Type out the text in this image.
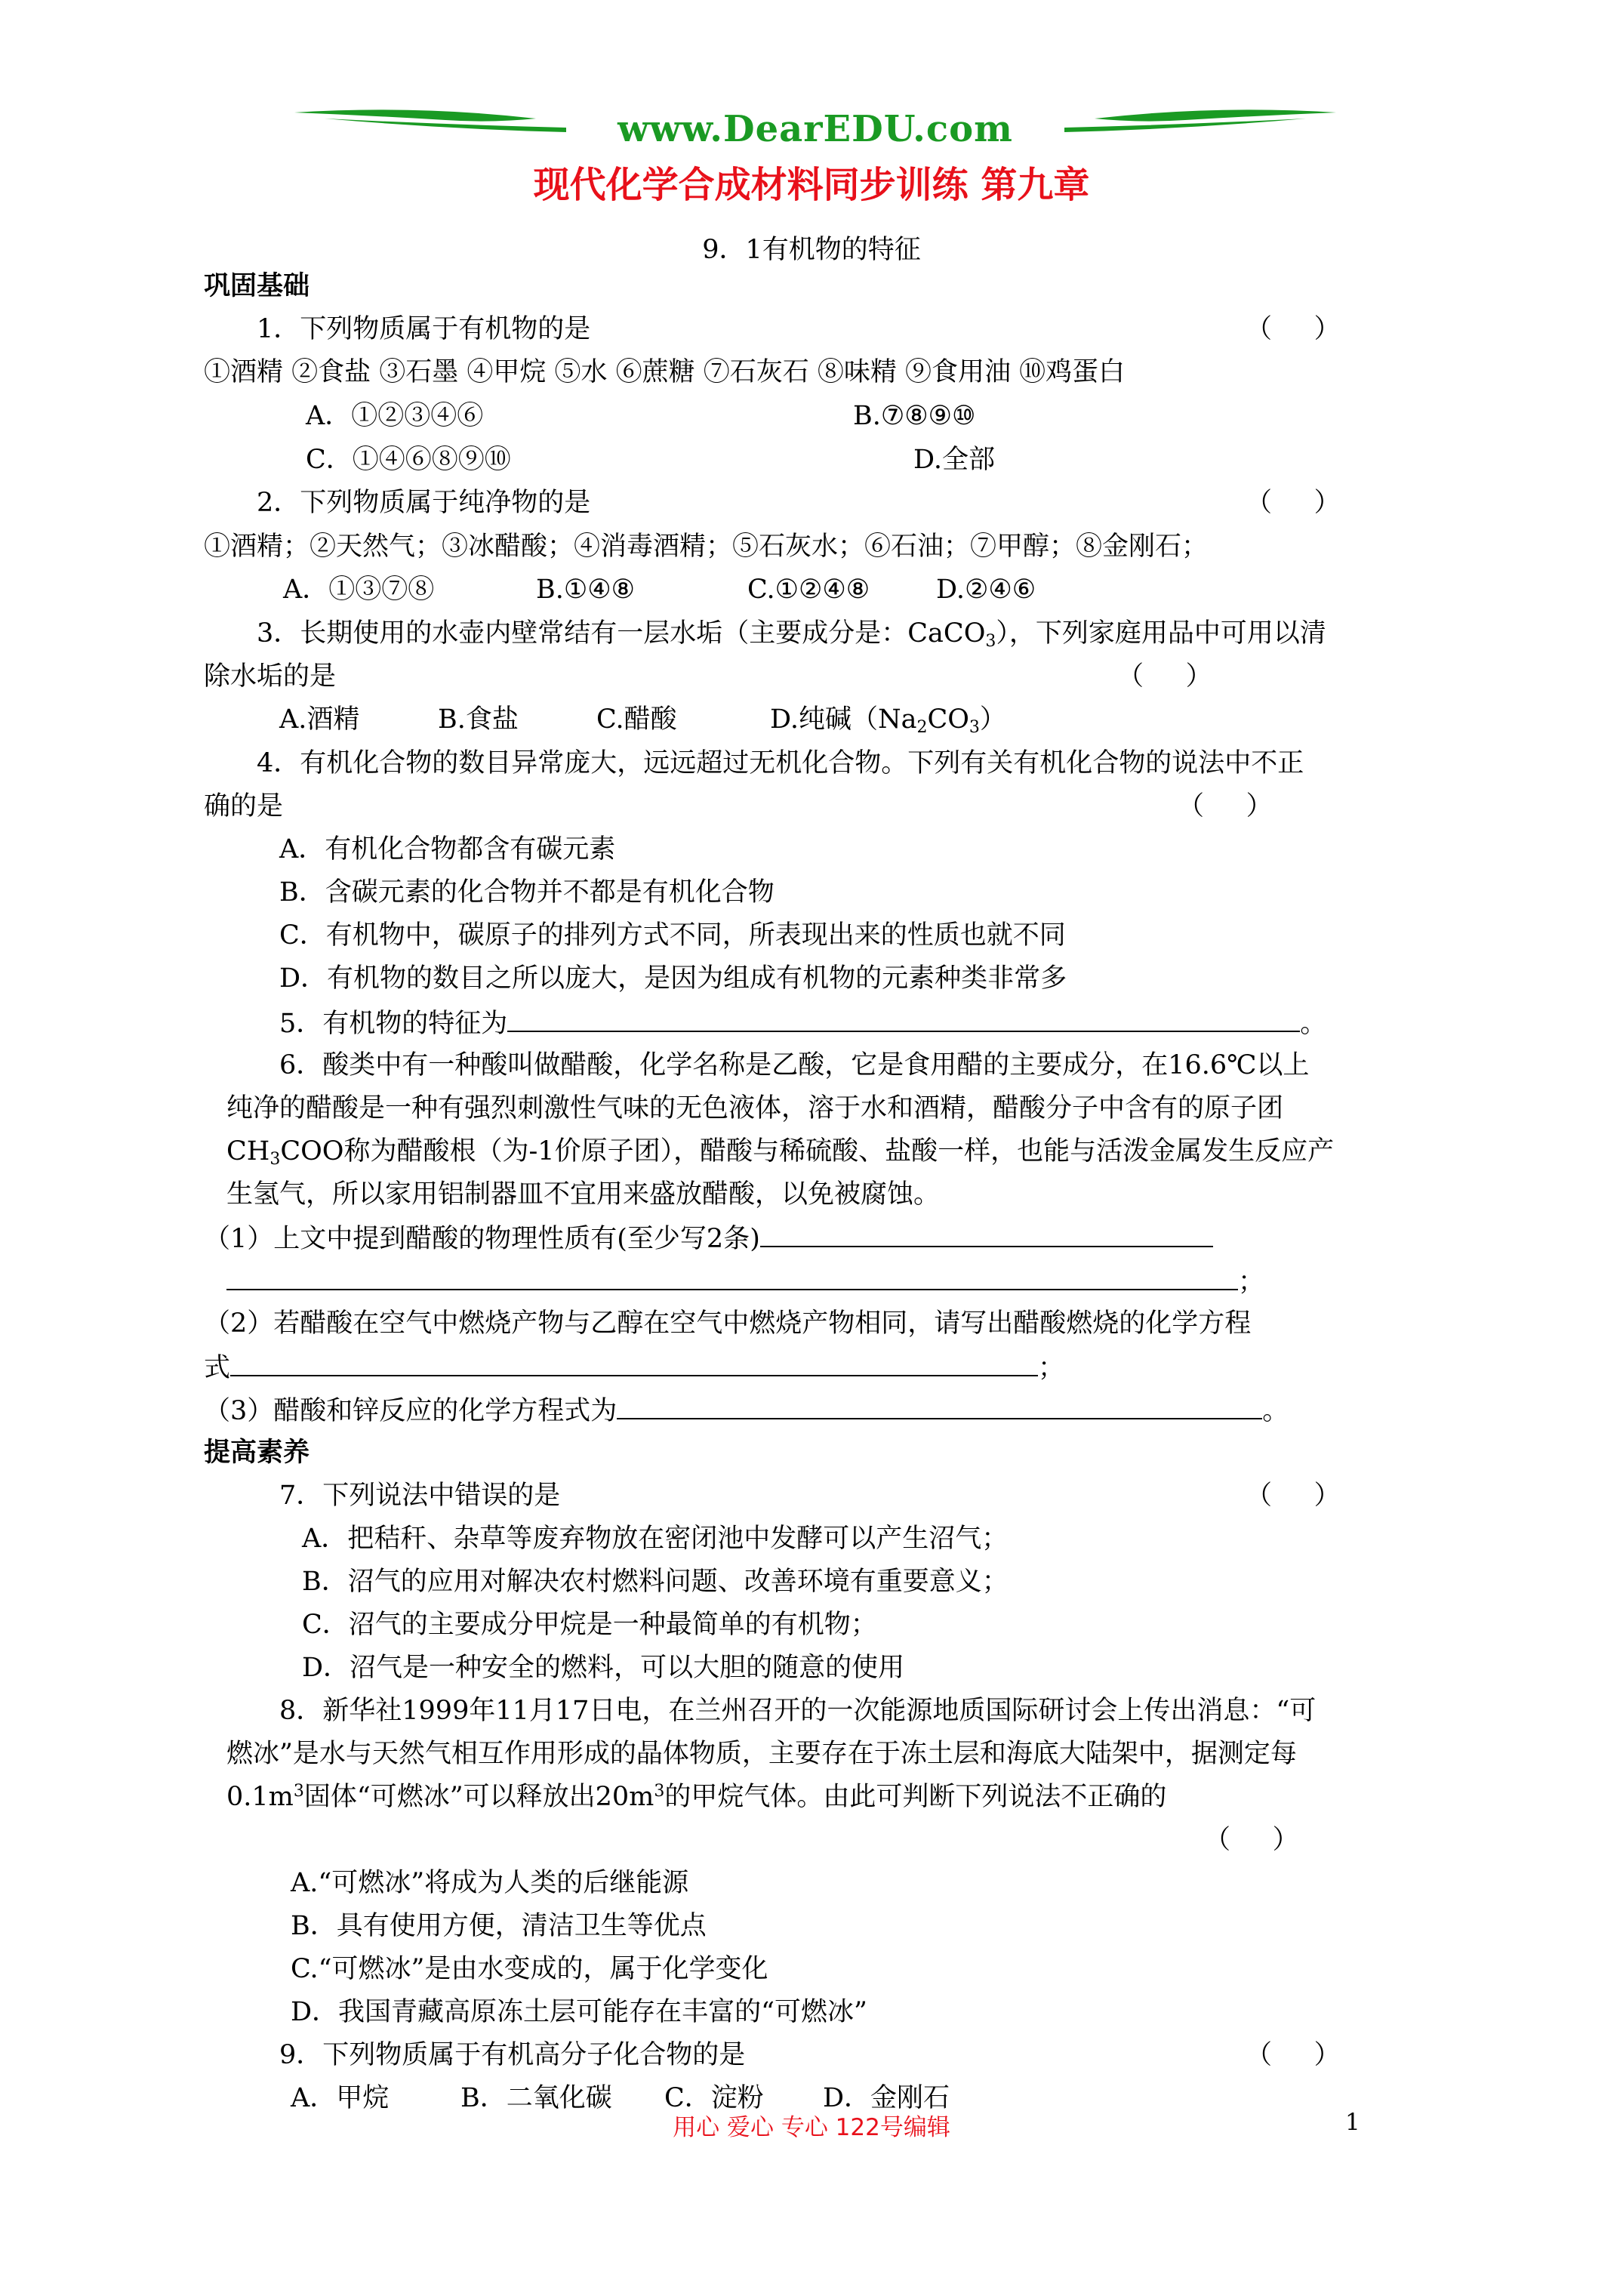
www.DearEDU.com
现代化学合成材料同步训练 第九章
9．1有机物的特征
巩固基础
1．下列物质属于有机物的是	（     ）
①酒精 ②食盐 ③石墨 ④甲烷 ⑤水 ⑥蔗糖 ⑦石灰石 ⑧味精 ⑨食用油 ⑩鸡蛋白
A．①②③④⑥	B.⑦⑧⑨⑩
C．①④⑥⑧⑨⑩	D.全部
2．下列物质属于纯净物的是	（     ）
①酒精；②天然气；③冰醋酸；④消毒酒精；⑤石灰水；⑥石油；⑦甲醇；⑧金刚石；
A．①③⑦⑧	B.①④⑧	C.①②④⑧	D.②④⑥
3．长期使用的水壶内壁常结有一层水垢（主要成分是：CaCO$_3$），下列家庭用品中可用以清
除水垢的是	（     ）
A.酒精	B.食盐	C.醋酸	D.纯碱$(Na_2CO_3)$
4．有机化合物的数目异常庞大，远远超过无机化合物。下列有关有机化合物的说法中不正
确的是	（     ）
A．有机化合物都含有碳元素
B．含碳元素的化合物并不都是有机化合物
C．有机物中，碳原子的排列方式不同，所表现出来的性质也就不同
D．有机物的数目之所以庞大，是因为组成有机物的元素种类非常多
5．有机物的特征为	。
6．酸类中有一种酸叫做醋酸，化学名称是乙酸，它是食用醋的主要成分，在16.6℃以上
纯净的醋酸是一种有强烈刺激性气味的无色液体，溶于水和酒精，醋酸分子中含有的原子团
$CH_3COO$称为醋酸根（为-1价原子团），醋酸与稀硫酸、盐酸一样，也能与活泼金属发生反应产
生氢气，所以家用铝制器皿不宜用来盛放醋酸，以免被腐蚀。
（1）上文中提到醋酸的物理性质有(至少写2条)
；
（2）若醋酸在空气中燃烧产物与乙醇在空气中燃烧产物相同，请写出醋酸燃烧的化学方程
式	；
（3）醋酸和锌反应的化学方程式为	。
提高素养
7．下列说法中错误的是	（     ）
A．把秸秆、杂草等废弃物放在密闭池中发酵可以产生沼气；
B．沼气的应用对解决农村燃料问题、改善环境有重要意义；
C．沼气的主要成分甲烷是一种最简单的有机物；
D．沼气是一种安全的燃料，可以大胆的随意的使用
8．新华社1999年11月17日电，在兰州召开的一次能源地质国际研讨会上传出消息：“可
燃冰”是水与天然气相互作用形成的晶体物质，主要存在于冻土层和海底大陆架中，据测定每
$0.1m^3$固体“可燃冰”可以释放出$20m^3$的甲烷气体。由此可判断下列说法不正确的
（     ）
A.“可燃冰”将成为人类的后继能源
B．具有使用方便，清洁卫生等优点
C.“可燃冰”是由水变成的，属于化学变化
D．我国青藏高原冻土层可能存在丰富的“可燃冰”
9．下列物质属于有机高分子化合物的是	（     ）
A．甲烷	B．二氧化碳 C．淀粉 D．金刚石
用心 爱心 专心 122号编辑	1
